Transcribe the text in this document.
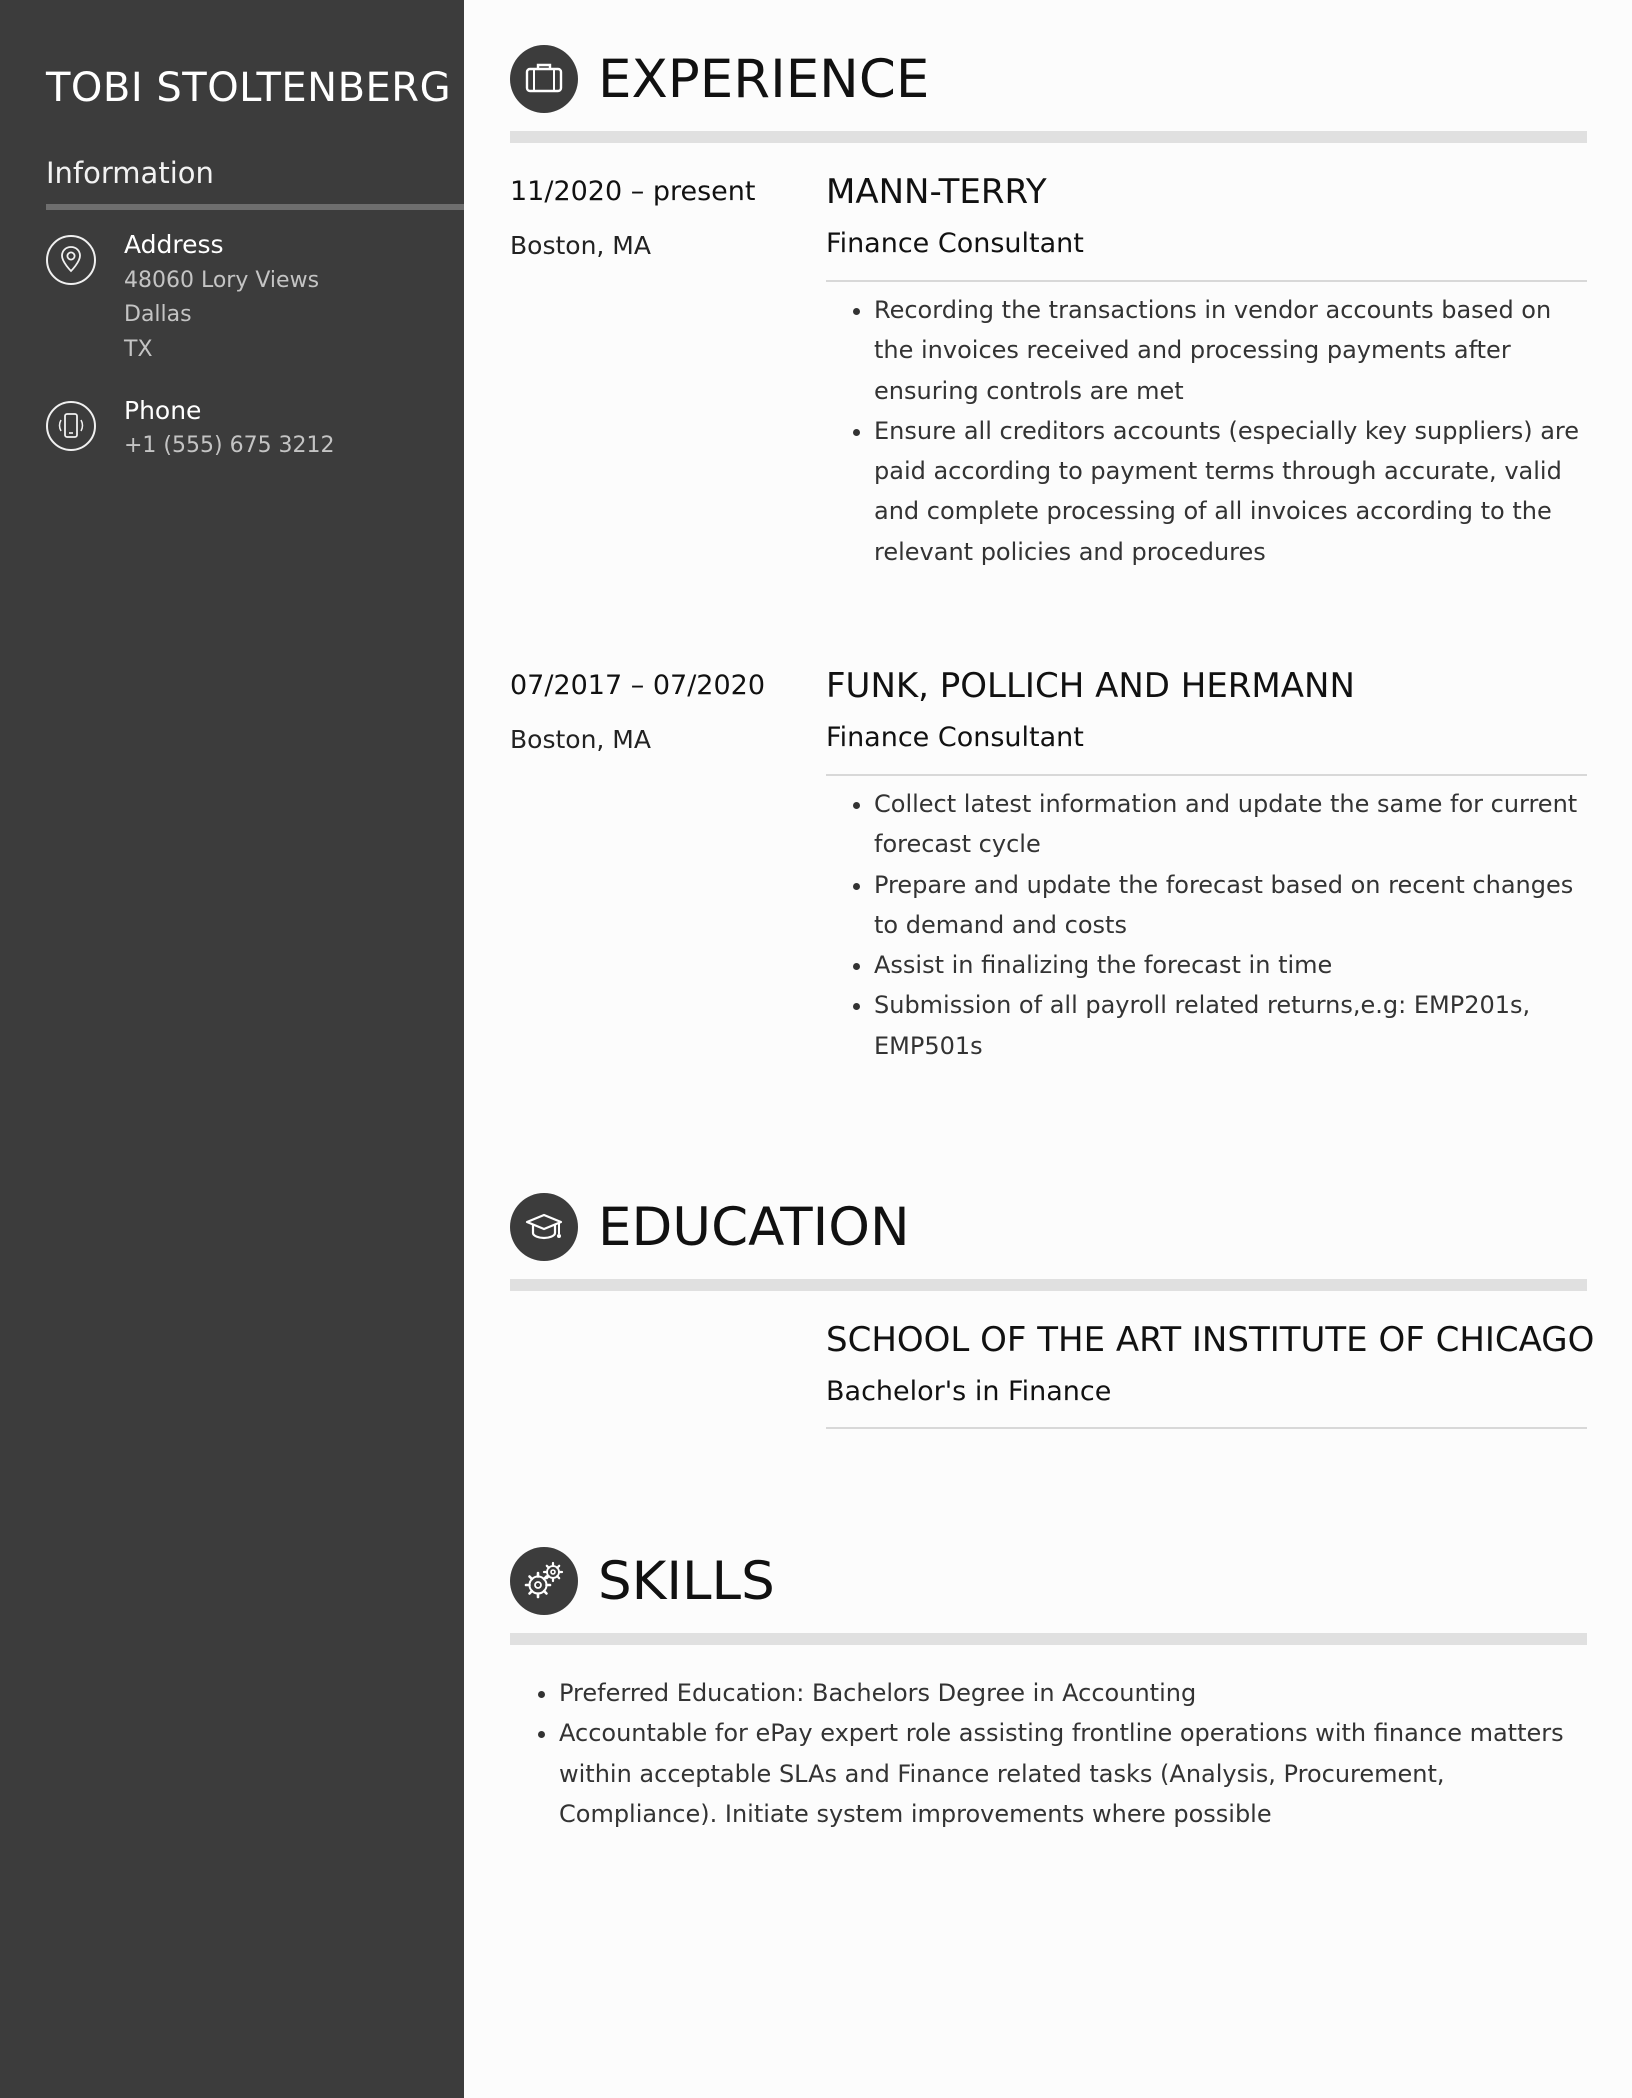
TOBI STOLTENBERG
Information
Address
48060 Lory Views
Dallas
TX
Phone
+1 (555) 675 3212
EXPERIENCE
11/2020 – present
Boston, MA
MANN-TERRY
Finance Consultant
• Recording the transactions in vendor accounts based on the invoices received and processing payments after ensuring controls are met
• Ensure all creditors accounts (especially key suppliers) are paid according to payment terms through accurate, valid and complete processing of all invoices according to the relevant policies and procedures
07/2017 – 07/2020
Boston, MA
FUNK, POLLICH AND HERMANN
Finance Consultant
• Collect latest information and update the same for current forecast cycle
• Prepare and update the forecast based on recent changes to demand and costs
• Assist in finalizing the forecast in time
• Submission of all payroll related returns,e.g: EMP201s, EMP501s
EDUCATION
SCHOOL OF THE ART INSTITUTE OF CHICAGO
Bachelor's in Finance
SKILLS
• Preferred Education: Bachelors Degree in Accounting
• Accountable for ePay expert role assisting frontline operations with finance matters within acceptable SLAs and Finance related tasks (Analysis, Procurement, Compliance). Initiate system improvements where possible
